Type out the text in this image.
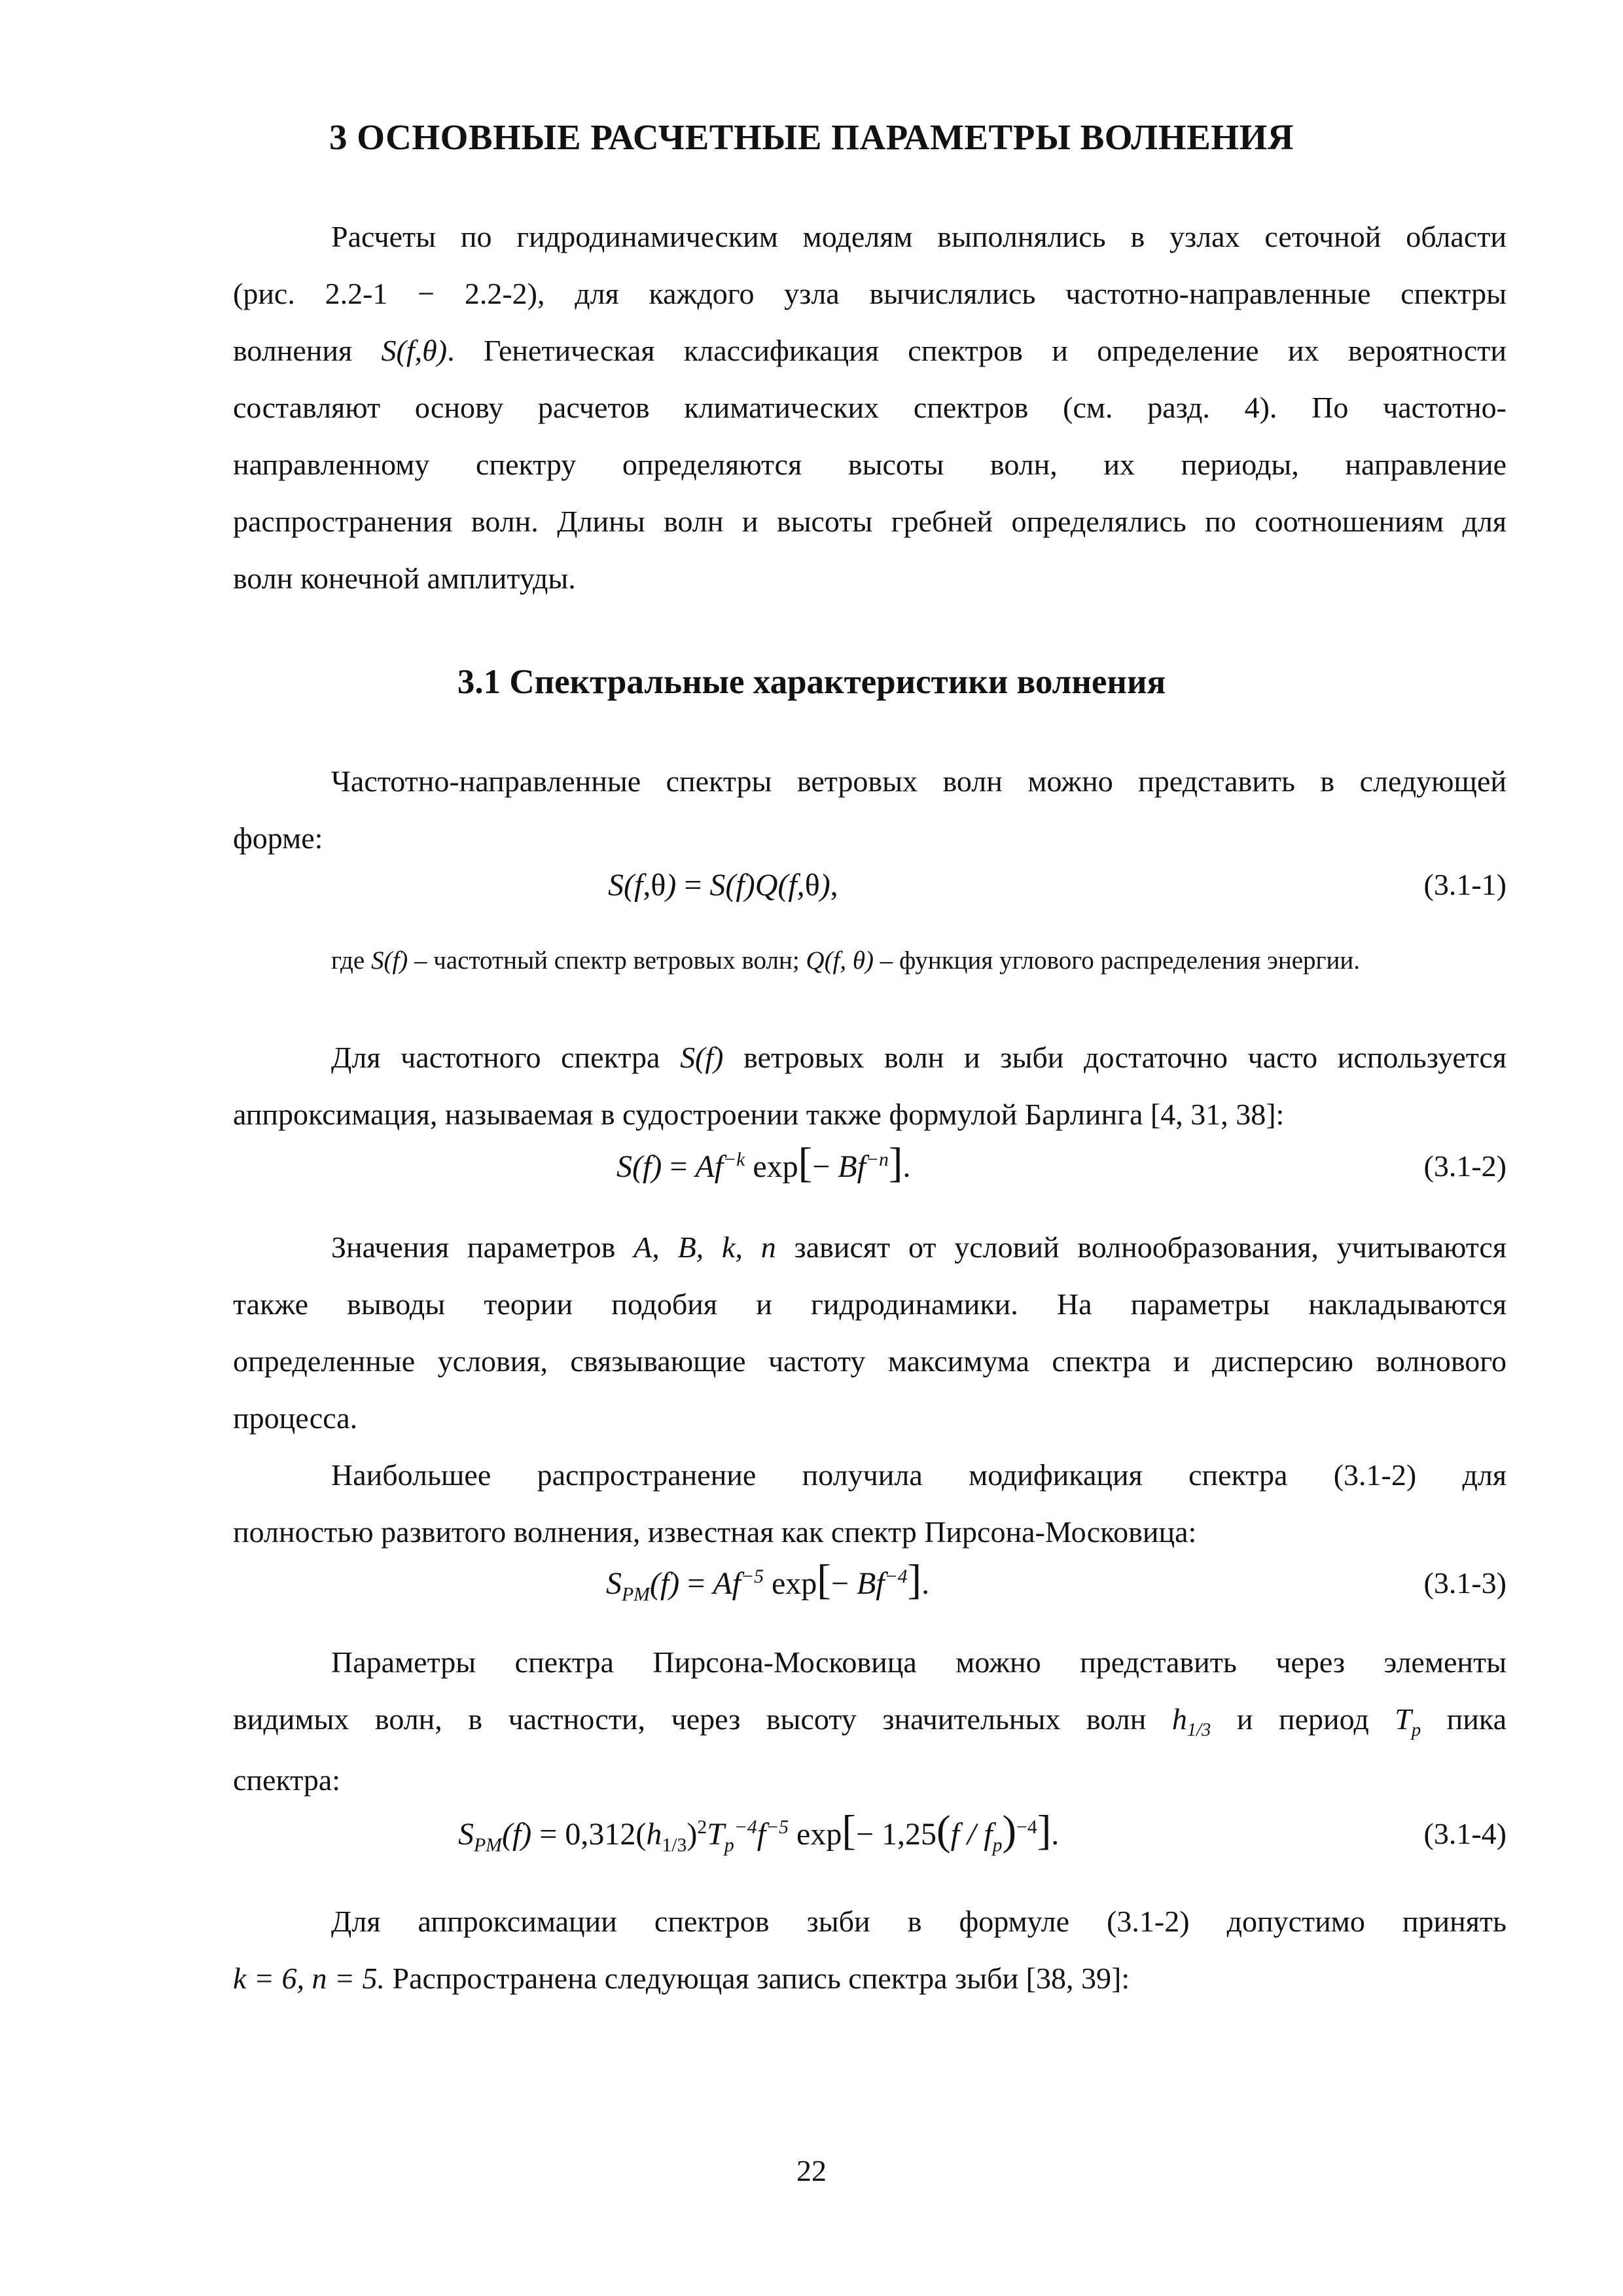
3 ОСНОВНЫЕ РАСЧЕТНЫЕ ПАРАМЕТРЫ ВОЛНЕНИЯ

Расчеты по гидродинамическим моделям выполнялись в узлах сеточной области

(рис. 2.2-1 − 2.2-2), для каждого узла вычислялись частотно-направленные спектры

волнения S(f,θ). Генетическая классификация спектров и определение их вероятности

составляют основу расчетов климатических спектров (см. разд. 4). По частотно-

направленному спектру определяются высоты волн, их периоды, направление

распространения волн. Длины волн и высоты гребней определялись по соотношениям для

волн конечной амплитуды.

3.1 Спектральные характеристики волнения

Частотно-направленные спектры ветровых волн можно представить в следующей

форме:

S(f,θ) = S(f)Q(f,θ),	(3.1-1)

где S(f) – частотный спектр ветровых волн; Q(f, θ) – функция углового распределения энергии.

Для частотного спектра S(f) ветровых волн и зыби достаточно часто используется

аппроксимация, называемая в судостроении также формулой Барлинга [4, 31, 38]:

$S(f) = Af^{-k}$ $\exp[- Bf^{-n}]$.	(3.1-2)

Значения параметров A, B, k, n зависят от условий волнообразования, учитываются

также выводы теории подобия и гидродинамики. На параметры накладываются

определенные условия, связывающие частоту максимума спектра и дисперсию волнового

процесса.

Наибольшее распространение получила модификация спектра (3.1-2) для

полностью развитого волнения, известная как спектр Пирсона-Московица:

$S_{PM}(f) = Af^{-5}$ $\exp[- Bf^{-4}]$.	(3.1-3)

Параметры спектра Пирсона-Московица можно представить через элементы

видимых волн, в частности, через высоту значительных волн $h_{1/3}$ и период $T_p$ пика

спектра:

$S_{PM}(f) = 0,312(h_{1/3})^2T_p^{-4}f^{-5}$ $\exp[- 1,25(f / f_p)^{-4}]$.	(3.1-4)

Для аппроксимации спектров зыби в формуле (3.1-2) допустимо принять

k = 6, n = 5. Распространена следующая запись спектра зыби [38, 39]:

22
